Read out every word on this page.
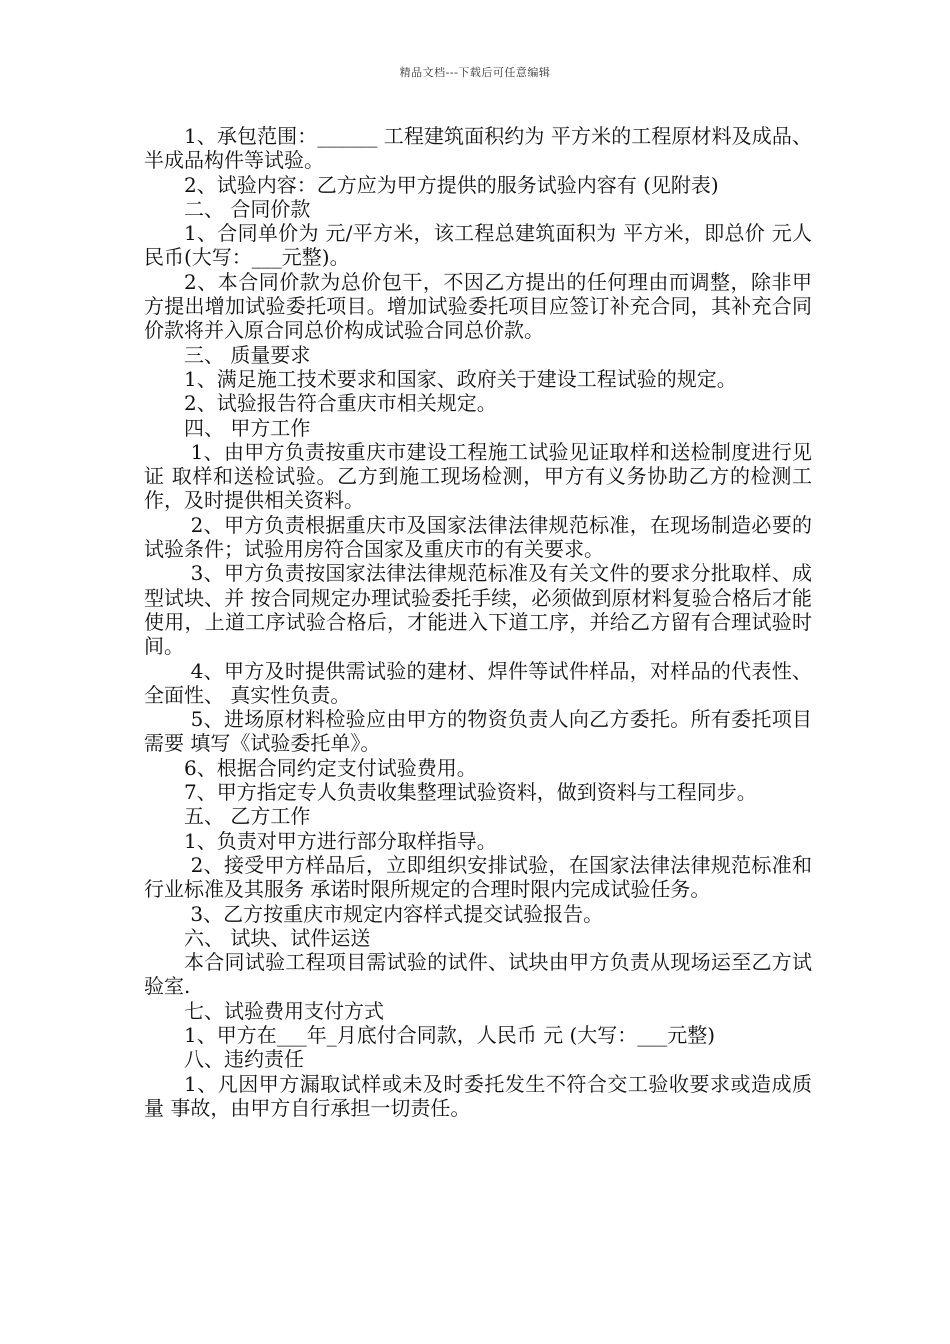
精品文档---下载后可任意编辑

1、承包范围：______ 工程建筑面积约为 平方米的工程原材料及成品、半成品构件等试验。

2、试验内容：乙方应为甲方提供的服务试验内容有 (见附表)

二、 合同价款

1、合同单价为 元/平方米，该工程总建筑面积为 平方米，即总价 元人民币(大写：___元整)。

2、本合同价款为总价包干，不因乙方提出的任何理由而调整，除非甲方提出增加试验委托项目。增加试验委托项目应签订补充合同，其补充合同价款将并入原合同总价构成试验合同总价款。

三、 质量要求

1、满足施工技术要求和国家、政府关于建设工程试验的规定。

2、试验报告符合重庆市相关规定。

四、 甲方工作

1、由甲方负责按重庆市建设工程施工试验见证取样和送检制度进行见证 取样和送检试验。乙方到施工现场检测，甲方有义务协助乙方的检测工作，及时提供相关资料。

2、甲方负责根据重庆市及国家法律法律规范标准，在现场制造必要的试验条件；试验用房符合国家及重庆市的有关要求。

3、甲方负责按国家法律法律规范标准及有关文件的要求分批取样、成型试块、并 按合同规定办理试验委托手续，必须做到原材料复验合格后才能使用，上道工序试验合格后，才能进入下道工序，并给乙方留有合理试验时间。

4、甲方及时提供需试验的建材、焊件等试件样品，对样品的代表性、全面性、 真实性负责。

5、进场原材料检验应由甲方的物资负责人向乙方委托。所有委托项目需要 填写《试验委托单》。

6、根据合同约定支付试验费用。

7、甲方指定专人负责收集整理试验资料，做到资料与工程同步。

五、 乙方工作

1、负责对甲方进行部分取样指导。

2、接受甲方样品后，立即组织安排试验，在国家法律法律规范标准和行业标准及其服务 承诺时限所规定的合理时限内完成试验任务。

3、乙方按重庆市规定内容样式提交试验报告。

六、 试块、试件运送

本合同试验工程项目需试验的试件、试块由甲方负责从现场运至乙方试验室.

七、试验费用支付方式

1、甲方在___年_月底付合同款，人民币 元 (大写：___元整)

八、违约责任

1、凡因甲方漏取试样或未及时委托发生不符合交工验收要求或造成质量 事故，由甲方自行承担一切责任。
